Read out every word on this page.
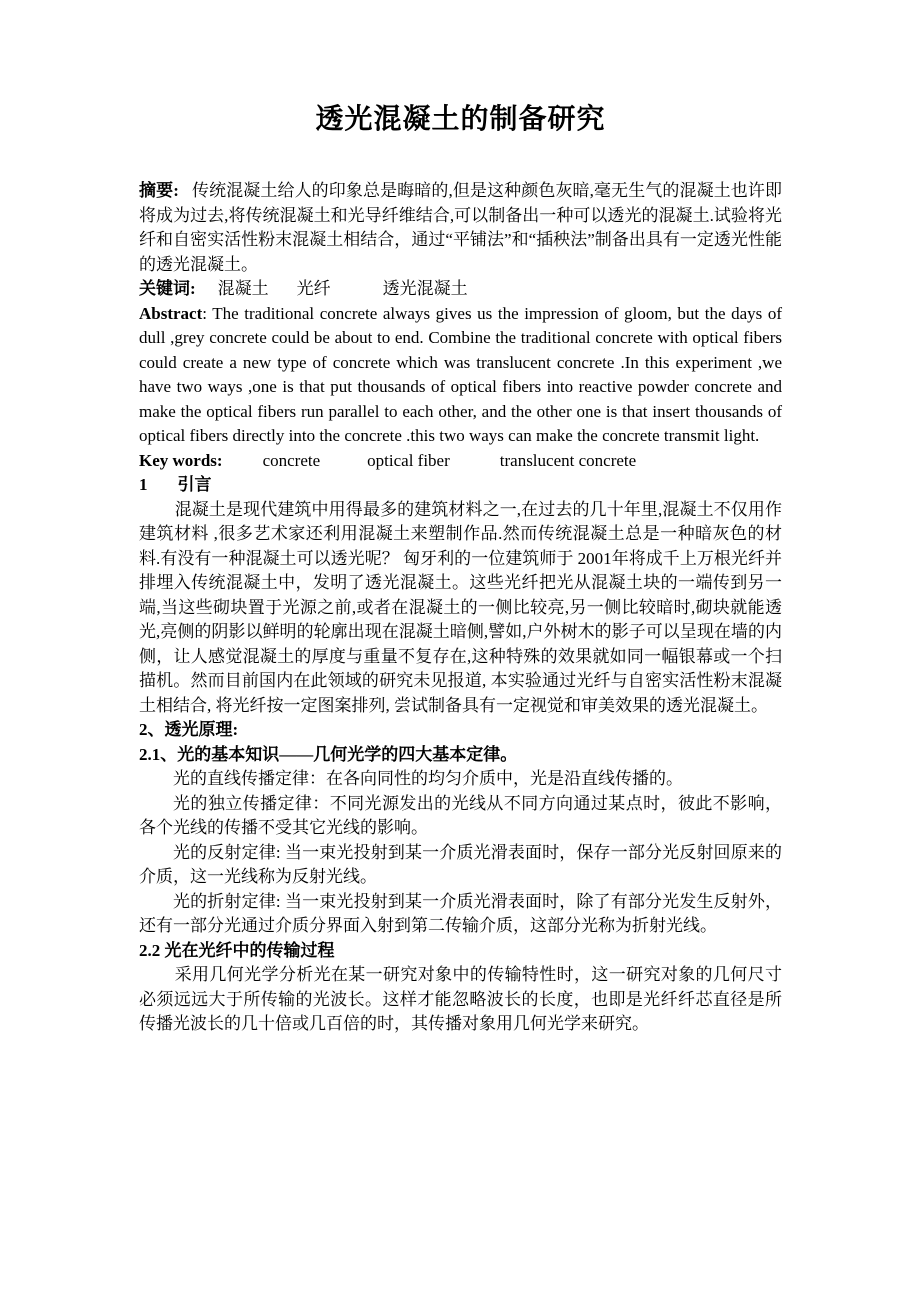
透光混凝土的制备研究

摘要: 传统混凝土给人的印象总是晦暗的,但是这种颜色灰暗,毫无生气的混凝土也许即将成为过去,将传统混凝土和光导纤维结合,可以制备出一种可以透光的混凝土.试验将光纤和自密实活性粉末混凝土相结合，通过“平铺法”和“插秧法”制备出具有一定透光性能的透光混凝土。

关键词: 混凝土 光纤	透光混凝土

Abstract: The traditional concrete always gives us the impression of gloom, but the days of dull ,grey concrete could be about to end. Combine the traditional concrete with optical fibers could create a new type of concrete which was translucent concrete .In this experiment ,we have two ways ,one is that put thousands of optical fibers into reactive powder concrete and make the optical fibers run parallel to each other, and the other one is that insert thousands of optical fibers directly into the concrete .this two ways can make the concrete transmit light.

Key words: concrete	optical fiber	translucent concrete

1 引言

混凝土是现代建筑中用得最多的建筑材料之一,在过去的几十年里,混凝土不仅用作建筑材料 ,很多艺术家还利用混凝土来塑制作品.然而传统混凝土总是一种暗灰色的材料.有没有一种混凝土可以透光呢？ 匈牙利的一位建筑师于 2001年将成千上万根光纤并排埋入传统混凝土中，发明了透光混凝土。这些光纤把光从混凝土块的一端传到另一端,当这些砌块置于光源之前,或者在混凝土的一侧比较亮,另一侧比较暗时,砌块就能透光,亮侧的阴影以鲜明的轮廓出现在混凝土暗侧,譬如,户外树木的影子可以呈现在墙的内侧，让人感觉混凝土的厚度与重量不复存在,这种特殊的效果就如同一幅银幕或一个扫描机。然而目前国内在此领域的研究未见报道, 本实验通过光纤与自密实活性粉末混凝土相结合, 将光纤按一定图案排列, 尝试制备具有一定视觉和审美效果的透光混凝土。

2、透光原理:

2.1、光的基本知识——几何光学的四大基本定律。

光的直线传播定律：在各向同性的均匀介质中，光是沿直线传播的。

光的独立传播定律：不同光源发出的光线从不同方向通过某点时，彼此不影响， 各个光线的传播不受其它光线的影响。

光的反射定律: 当一束光投射到某一介质光滑表面时，保存一部分光反射回原来的介质，这一光线称为反射光线。

光的折射定律: 当一束光投射到某一介质光滑表面时，除了有部分光发生反射外，还有一部分光通过介质分界面入射到第二传输介质，这部分光称为折射光线。

2.2 光在光纤中的传输过程

采用几何光学分析光在某一研究对象中的传输特性时，这一研究对象的几何尺寸必须远远大于所传输的光波长。这样才能忽略波长的长度，也即是光纤纤芯直径是所传播光波长的几十倍或几百倍的时，其传播对象用几何光学来研究。
